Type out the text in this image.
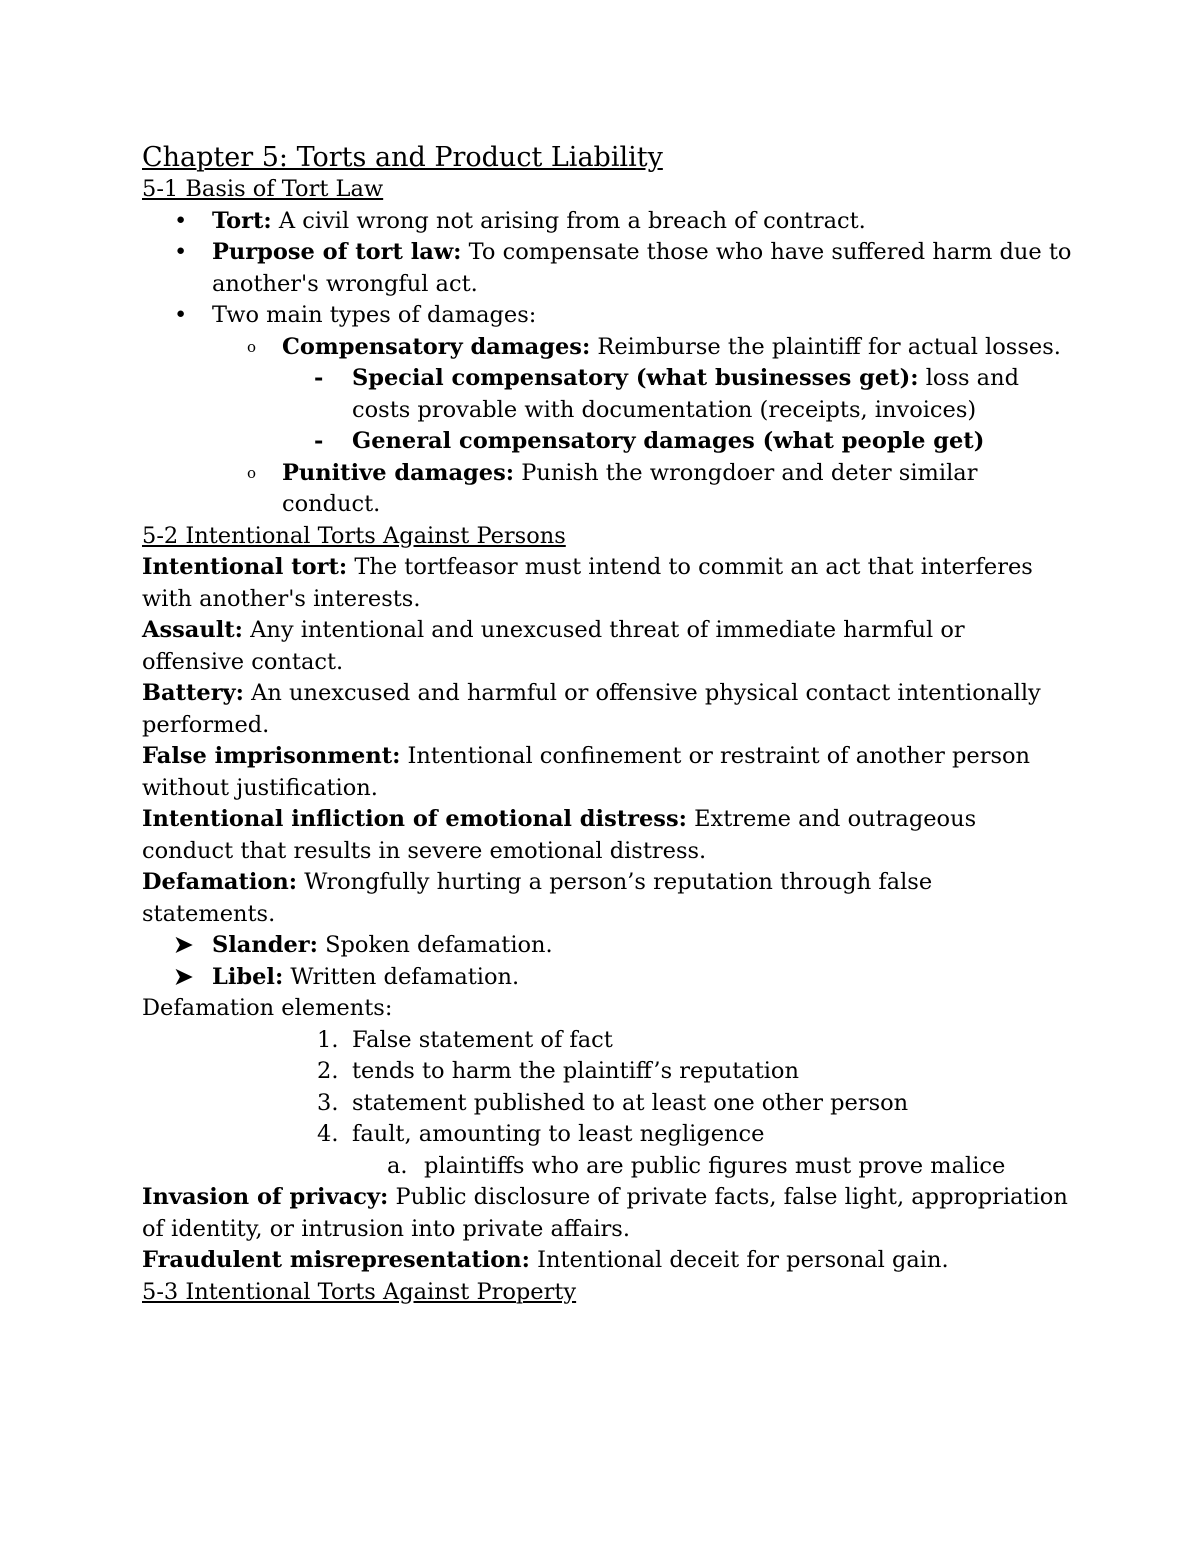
Chapter 5: Torts and Product Liability

5-1 Basis of Tort Law

• Tort: A civil wrong not arising from a breach of contract.
• Purpose of tort law: To compensate those who have suffered harm due to another's wrongful act.
• Two main types of damages:
o Compensatory damages: Reimburse the plaintiff for actual losses.
- Special compensatory (what businesses get): loss and costs provable with documentation (receipts, invoices)
- General compensatory damages (what people get)
o Punitive damages: Punish the wrongdoer and deter similar conduct.

5-2 Intentional Torts Against Persons

Intentional tort: The tortfeasor must intend to commit an act that interferes with another's interests.

Assault: Any intentional and unexcused threat of immediate harmful or offensive contact.

Battery: An unexcused and harmful or offensive physical contact intentionally performed.

False imprisonment: Intentional confinement or restraint of another person without justification.

Intentional infliction of emotional distress: Extreme and outrageous conduct that results in severe emotional distress.

Defamation: Wrongfully hurting a person’s reputation through false statements.

➤ Slander: Spoken defamation.
➤ Libel: Written defamation.

Defamation elements:

1. False statement of fact
2. tends to harm the plaintiff’s reputation
3. statement published to at least one other person
4. fault, amounting to least negligence
a. plaintiffs who are public figures must prove malice

Invasion of privacy: Public disclosure of private facts, false light, appropriation of identity, or intrusion into private affairs.

Fraudulent misrepresentation: Intentional deceit for personal gain.

5-3 Intentional Torts Against Property
